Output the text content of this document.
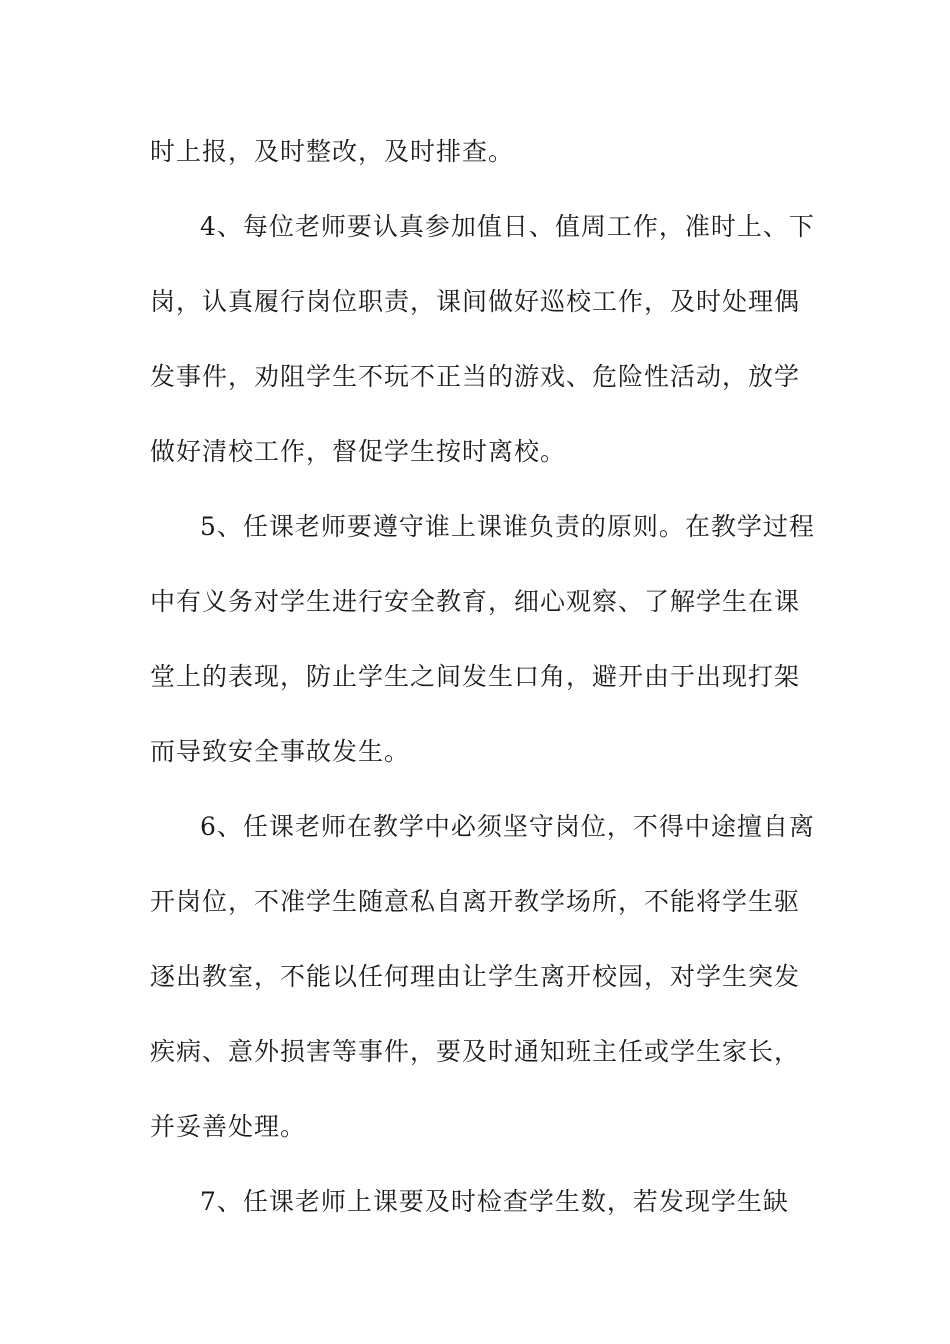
时上报，及时整改，及时排查。
4、每位老师要认真参加值日、值周工作，准时上、下
岗，认真履行岗位职责，课间做好巡校工作，及时处理偶
发事件，劝阻学生不玩不正当的游戏、危险性活动，放学
做好清校工作，督促学生按时离校。
5、任课老师要遵守谁上课谁负责的原则。在教学过程
中有义务对学生进行安全教育，细心观察、了解学生在课
堂上的表现，防止学生之间发生口角，避开由于出现打架
而导致安全事故发生。
6、任课老师在教学中必须坚守岗位，不得中途擅自离
开岗位，不准学生随意私自离开教学场所，不能将学生驱
逐出教室，不能以任何理由让学生离开校园，对学生突发
疾病、意外损害等事件，要及时通知班主任或学生家长，
并妥善处理。
7、任课老师上课要及时检查学生数，若发现学生缺
